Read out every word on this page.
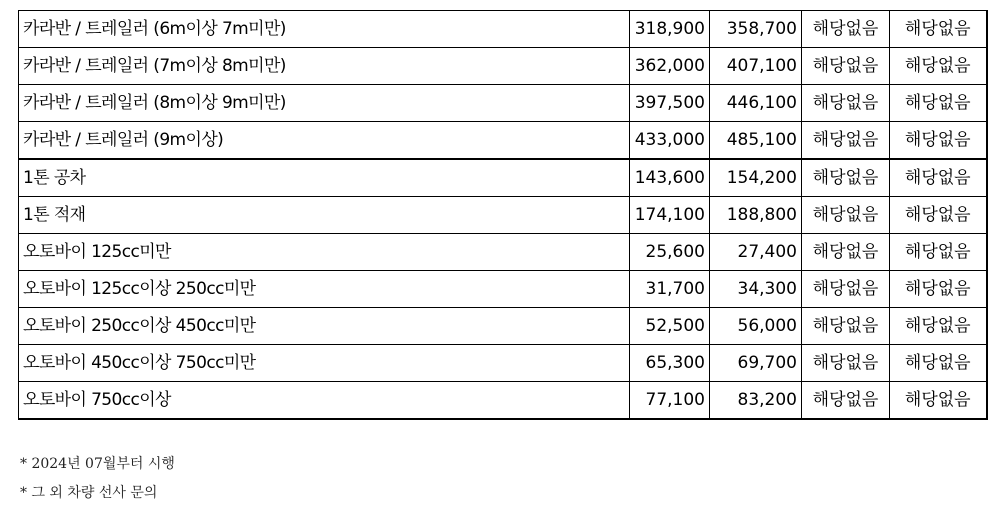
카라반 / 트레일러 (6m이상 7m미만)	318,900	358,700	해당없음	해당없음
카라반 / 트레일러 (7m이상 8m미만)	362,000	407,100	해당없음	해당없음
카라반 / 트레일러 (8m이상 9m미만)	397,500	446,100	해당없음	해당없음
카라반 / 트레일러 (9m이상)	433,000	485,100	해당없음	해당없음
1톤 공차	143,600	154,200	해당없음	해당없음
1톤 적재	174,100	188,800	해당없음	해당없음
오토바이 125cc미만	25,600	27,400	해당없음	해당없음
오토바이 125cc이상 250cc미만	31,700	34,300	해당없음	해당없음
오토바이 250cc이상 450cc미만	52,500	56,000	해당없음	해당없음
오토바이 450cc이상 750cc미만	65,300	69,700	해당없음	해당없음
오토바이 750cc이상	77,100	83,200	해당없음	해당없음
* 2024년 07월부터 시행
* 그 외 차량 선사 문의
